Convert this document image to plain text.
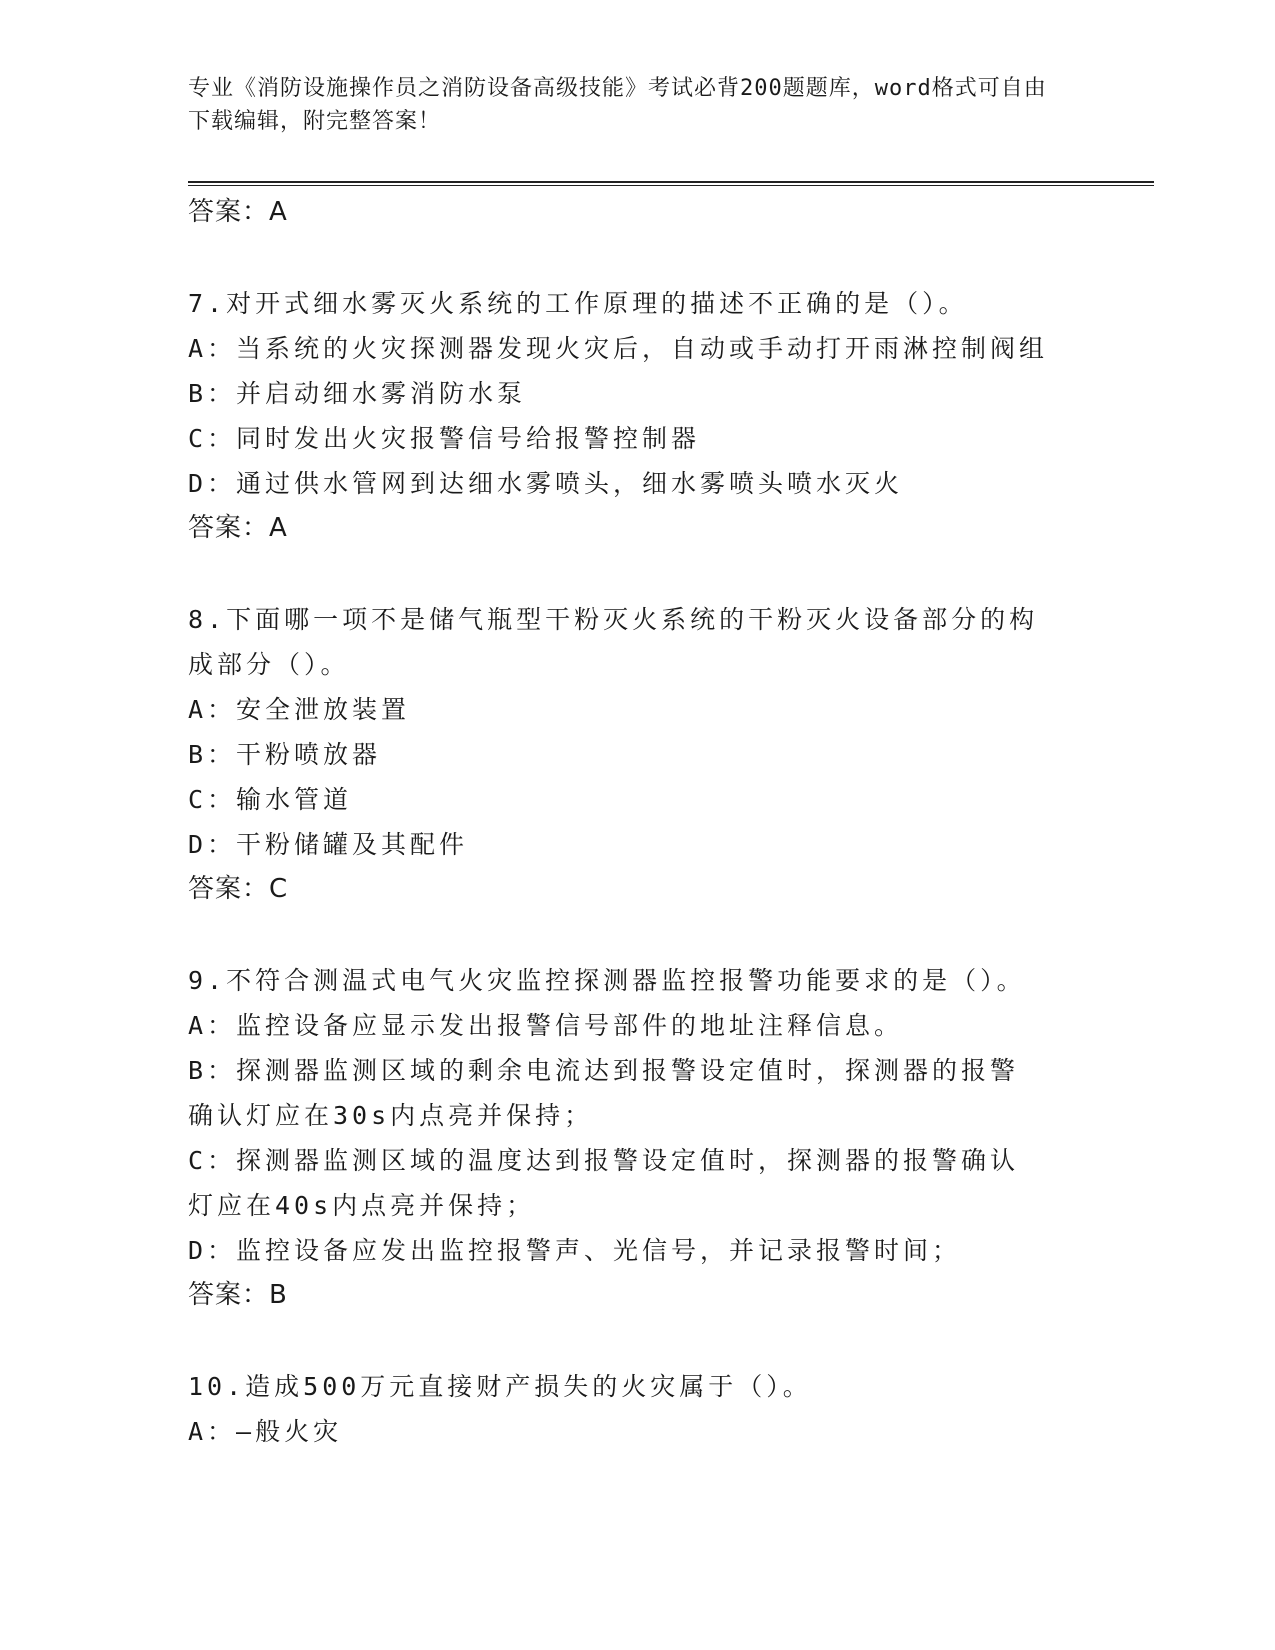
专业《消防设施操作员之消防设备高级技能》考试必背200题题库，word格式可自由下载编辑，附完整答案！
答案：A
7.对开式细水雾灭火系统的工作原理的描述不正确的是（）。
A：当系统的火灾探测器发现火灾后，自动或手动打开雨淋控制阀组
B：并启动细水雾消防水泵
C：同时发出火灾报警信号给报警控制器
D：通过供水管网到达细水雾喷头，细水雾喷头喷水灭火
答案：A
8.下面哪一项不是储气瓶型干粉灭火系统的干粉灭火设备部分的构成部分（）。
A：安全泄放装置
B：干粉喷放器
C：输水管道
D：干粉储罐及其配件
答案：C
9.不符合测温式电气火灾监控探测器监控报警功能要求的是（）。
A：监控设备应显示发出报警信号部件的地址注释信息。
B：探测器监测区域的剩余电流达到报警设定值时，探测器的报警确认灯应在30s内点亮并保持；
C：探测器监测区域的温度达到报警设定值时，探测器的报警确认灯应在40s内点亮并保持；
D：监控设备应发出监控报警声、光信号，并记录报警时间；
答案：B
10.造成500万元直接财产损失的火灾属于（）。
A：—般火灾
